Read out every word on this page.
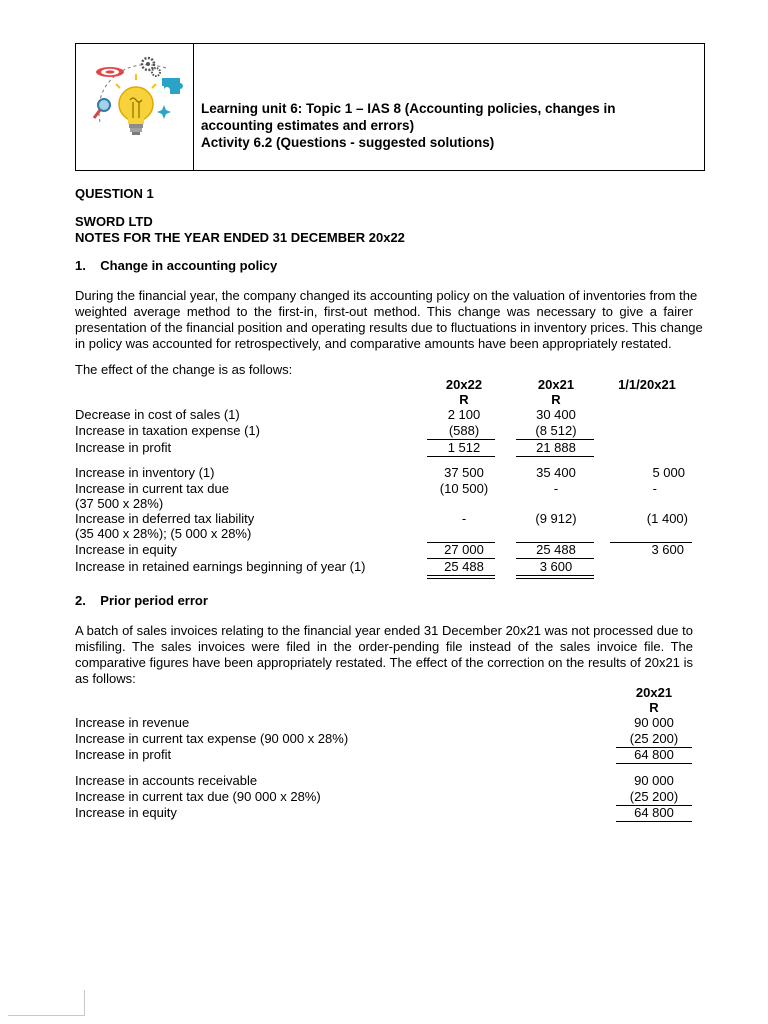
Learning unit 6: Topic 1 – IAS 8 (Accounting policies, changes in
accounting estimates and errors)
Activity 6.2 (Questions - suggested solutions)
QUESTION 1
SWORD LTD
NOTES FOR THE YEAR ENDED 31 DECEMBER 20x22
1.    Change in accounting policy
During the financial year, the company changed its accounting policy on the valuation of inventories from the
weighted average method to the first-in, first-out method. This change was necessary to give a fairer
presentation of the financial position and operating results due to fluctuations in inventory prices. This change
in policy was accounted for retrospectively, and comparative amounts have been appropriately restated.
The effect of the change is as follows:
20x22	20x21	1/1/20x21
R	R
Decrease in cost of sales (1)	2 100	30 400
Increase in taxation expense (1)	(588)	(8 512)
Increase in profit	1 512	21 888
Increase in inventory (1)	37 500	35 400	5 000
Increase in current tax due	(10 500)	-	-
(37 500 x 28%)
Increase in deferred tax liability	-	(9 912)	(1 400)
(35 400 x 28%); (5 000 x 28%)
Increase in equity	27 000	25 488	3 600
Increase in retained earnings beginning of year (1)	25 488	3 600
2.    Prior period error
A batch of sales invoices relating to the financial year ended 31 December 20x21 was not processed due to
misfiling. The sales invoices were filed in the order-pending file instead of the sales invoice file. The
comparative figures have been appropriately restated. The effect of the correction on the results of 20x21 is
as follows:
20x21
R
Increase in revenue	90 000
Increase in current tax expense (90 000 x 28%)	(25 200)
Increase in profit	64 800
Increase in accounts receivable	90 000
Increase in current tax due (90 000 x 28%)	(25 200)
Increase in equity	64 800
